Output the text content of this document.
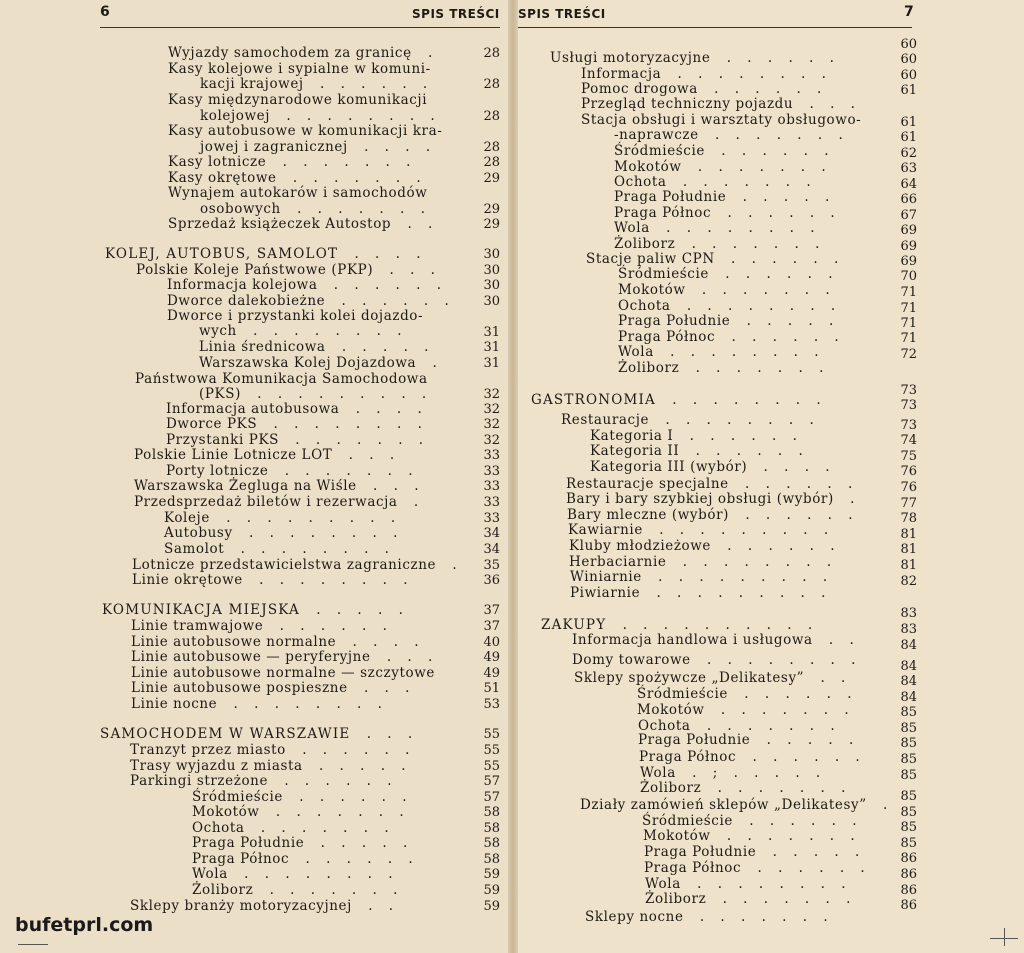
6	SPIS TREŚCI
Wyjazdy samochodem za granicę .
Kasy kolejowe i sypialne w komuni-
kacji krajowej . . . . . .
Kasy międzynarodowe komunikacji
kolejowej . . . . . . . .
Kasy autobusowe w komunikacji kra-
jowej i zagranicznej . . . .
Kasy lotnicze . . . . . . .
Kasy okrętowe . . . . . . .
Wynajem autokarów i samochodów
osobowych . . . . . . .
Sprzedaż książeczek Autostop . .
KOLEJ, AUTOBUS, SAMOLOT . . . .
Polskie Koleje Państwowe (PKP) . . .
Informacja kolejowa . . . . . .
Dworce dalekobieżne . . . . . .
Dworce i przystanki kolei dojazdo-
wych . . . . . . . .
Linia średnicowa . . . . .
Warszawska Kolej Dojazdowa .
Państwowa Komunikacja Samochodowa
(PKS) . . . . . . . . .
Informacja autobusowa . . . .
Dworce PKS . . . . . . . .
Przystanki PKS . . . . . . .
Polskie Linie Lotnicze LOT . . .
Porty lotnicze . . . . . . .
Warszawska Żegluga na Wiśle . . .
Przedsprzedaż biletów i rezerwacja .
Koleje . . . . . . . . .
Autobusy . . . . . . . .
Samolot . . . . . . . .
Lotnicze przedstawicielstwa zagraniczne .
Linie okrętowe . . . . . . . .
KOMUNIKACJA MIEJSKA . . . . .
Linie tramwajowe . . . . . .
Linie autobusowe normalne . . . .
Linie autobusowe — peryferyjne . . .
Linie autobusowe normalne — szczytowe
Linie autobusowe pospieszne . . .
Linie nocne . . . . . . . .
SAMOCHODEM W WARSZAWIE . . .
Tranzyt przez miasto . . . . . .
Trasy wyjazdu z miasta . . . . .
Parkingi strzeżone . . . . . .
Śródmieście . . . . . .
Mokotów . . . . . . .
Ochota . . . . . . .
Praga Południe . . . . .
Praga Północ . . . . . .
Wola . . . . . . . .
Żoliborz . . . . . . .
Sklepy branży motoryzacyjnej . .
28
28
28
28
28
29
29
29
30
30
30
30
31
31
31
32
32
32
32
33
33
33
33
33
34
34
35
36
37
37
40
49
49
51
53
55
55
55
57
57
58
58
58
58
59
59
59
SPIS TREŚCI	7
Usługi motoryzacyjne . . . . . .
Informacja . . . . . . . .
Pomoc drogowa . . . . . .
Przegląd techniczny pojazdu . . .
Stacja obsługi i warsztaty obsługowo-
-naprawcze . . . . . . .
Śródmieście . . . . . .
Mokotów . . . . . . .
Ochota . . . . . . .
Praga Południe . . . . .
Praga Północ . . . . . .
Wola . . . . . . . .
Żoliborz . . . . . . .
Stacje paliw CPN . . . . . .
Śródmieście . . . . . .
Mokotów . . . . . . .
Ochota . . . . . . . .
Praga Południe . . . . .
Praga Północ . . . . . .
Wola . . . . . . . .
Żoliborz . . . . . . .
GASTRONOMIA . . . . . . . .
Restauracje . . . . . . . .
Kategoria I . . . . . .
Kategoria II . . . . . .
Kategoria III (wybór) . . . .
Restauracje specjalne . . . . . .
Bary i bary szybkiej obsługi (wybór) .
Bary mleczne (wybór) . . . . . .
Kawiarnie . . . . . . . . .
Kluby młodzieżowe . . . . . .
Herbaciarnie . . . . . . . .
Winiarnie . . . . . . . . .
Piwiarnie . . . . . . . . .
ZAKUPY . . . . . . . . . .
Informacja handlowa i usługowa . .
Domy towarowe . . . . . . . .
Sklepy spożywcze „Delikatesy” . .
Śródmieście . . . . . .
Mokotów . . . . . . .
Ochota . . . . . . .
Praga Południe . . . . .
Praga Północ . . . . . .
Wola . ; . . . . .
Żoliborz . . . . . . .
Działy zamówień sklepów „Delikatesy” .
Śródmieście . . . . . .
Mokotów . . . . . . .
Praga Południe . . . . .
Praga Północ . . . . . .
Wola . . . . . . . .
Żoliborz . . . . . . .
Sklepy nocne . . . . . . .
60
60
60
61
61
61
62
63
64
66
67
69
69
69
70
71
71
71
71
72
73
73
73
74
75
76
76
77
78
81
81
81
82
83
83
84
84
84
84
85
85
85
85
85
85
85
85
85
86
86
86
86
bufetprl.com
